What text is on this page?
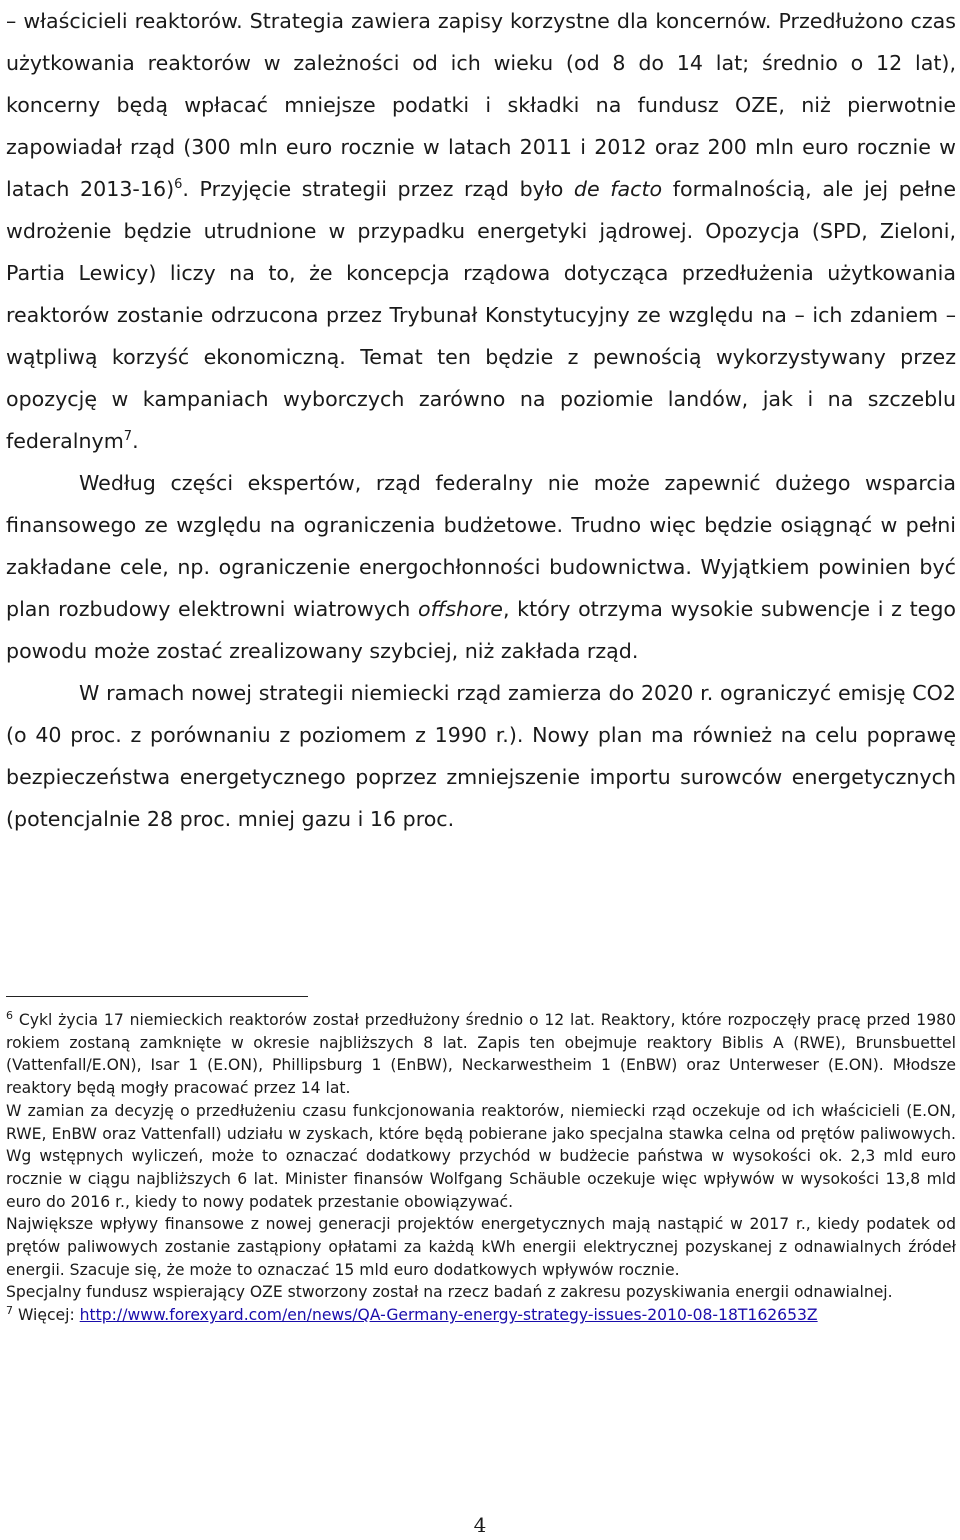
– właścicieli reaktorów. Strategia zawiera zapisy korzystne dla koncernów. Przedłużono czas użytkowania reaktorów w zależności od ich wieku (od 8 do 14 lat; średnio o 12 lat), koncerny będą wpłacać mniejsze podatki i składki na fundusz OZE, niż pierwotnie zapowiadał rząd (300 mln euro rocznie w latach 2011 i 2012 oraz 200 mln euro rocznie w latach 2013-16)$^6$. Przyjęcie strategii przez rząd było de facto formalnością, ale jej pełne wdrożenie będzie utrudnione w przypadku energetyki jądrowej. Opozycja (SPD, Zieloni, Partia Lewicy) liczy na to, że koncepcja rządowa dotycząca przedłużenia użytkowania reaktorów zostanie odrzucona przez Trybunał Konstytucyjny ze względu na – ich zdaniem – wątpliwą korzyść ekonomiczną. Temat ten będzie z pewnością wykorzystywany przez opozycję w kampaniach wyborczych zarówno na poziomie landów, jak i na szczeblu federalnym$^7$.

Według części ekspertów, rząd federalny nie może zapewnić dużego wsparcia finansowego ze względu na ograniczenia budżetowe. Trudno więc będzie osiągnąć w pełni zakładane cele, np. ograniczenie energochłonności budownictwa. Wyjątkiem powinien być plan rozbudowy elektrowni wiatrowych offshore, który otrzyma wysokie subwencje i z tego powodu może zostać zrealizowany szybciej, niż zakłada rząd.

W ramach nowej strategii niemiecki rząd zamierza do 2020 r. ograniczyć emisję CO2 (o 40 proc. z porównaniu z poziomem z 1990 r.). Nowy plan ma również na celu poprawę bezpieczeństwa energetycznego poprzez zmniejszenie importu surowców energetycznych (potencjalnie 28 proc. mniej gazu i 16 proc.

$^6$ Cykl życia 17 niemieckich reaktorów został przedłużony średnio o 12 lat. Reaktory, które rozpoczęły pracę przed 1980 rokiem zostaną zamknięte w okresie najbliższych 8 lat. Zapis ten obejmuje reaktory Biblis A (RWE), Brunsbuettel (Vattenfall/E.ON), Isar 1 (E.ON), Phillipsburg 1 (EnBW), Neckarwestheim 1 (EnBW) oraz Unterweser (E.ON). Młodsze reaktory będą mogły pracować przez 14 lat.

W zamian za decyzję o przedłużeniu czasu funkcjonowania reaktorów, niemiecki rząd oczekuje od ich właścicieli (E.ON, RWE, EnBW oraz Vattenfall) udziału w zyskach, które będą pobierane jako specjalna stawka celna od prętów paliwowych. Wg wstępnych wyliczeń, może to oznaczać dodatkowy przychód w budżecie państwa w wysokości ok. 2,3 mld euro rocznie w ciągu najbliższych 6 lat. Minister finansów Wolfgang Schäuble oczekuje więc wpływów w wysokości 13,8 mld euro do 2016 r., kiedy to nowy podatek przestanie obowiązywać.

Największe wpływy finansowe z nowej generacji projektów energetycznych mają nastąpić w 2017 r., kiedy podatek od prętów paliwowych zostanie zastąpiony opłatami za każdą kWh energii elektrycznej pozyskanej z odnawialnych źródeł energii. Szacuje się, że może to oznaczać 15 mld euro dodatkowych wpływów rocznie.

Specjalny fundusz wspierający OZE stworzony został na rzecz badań z zakresu pozyskiwania energii odnawialnej.

$^7$ Więcej: http://www.forexyard.com/en/news/QA-Germany-energy-strategy-issues-2010-08-18T162653Z

4
